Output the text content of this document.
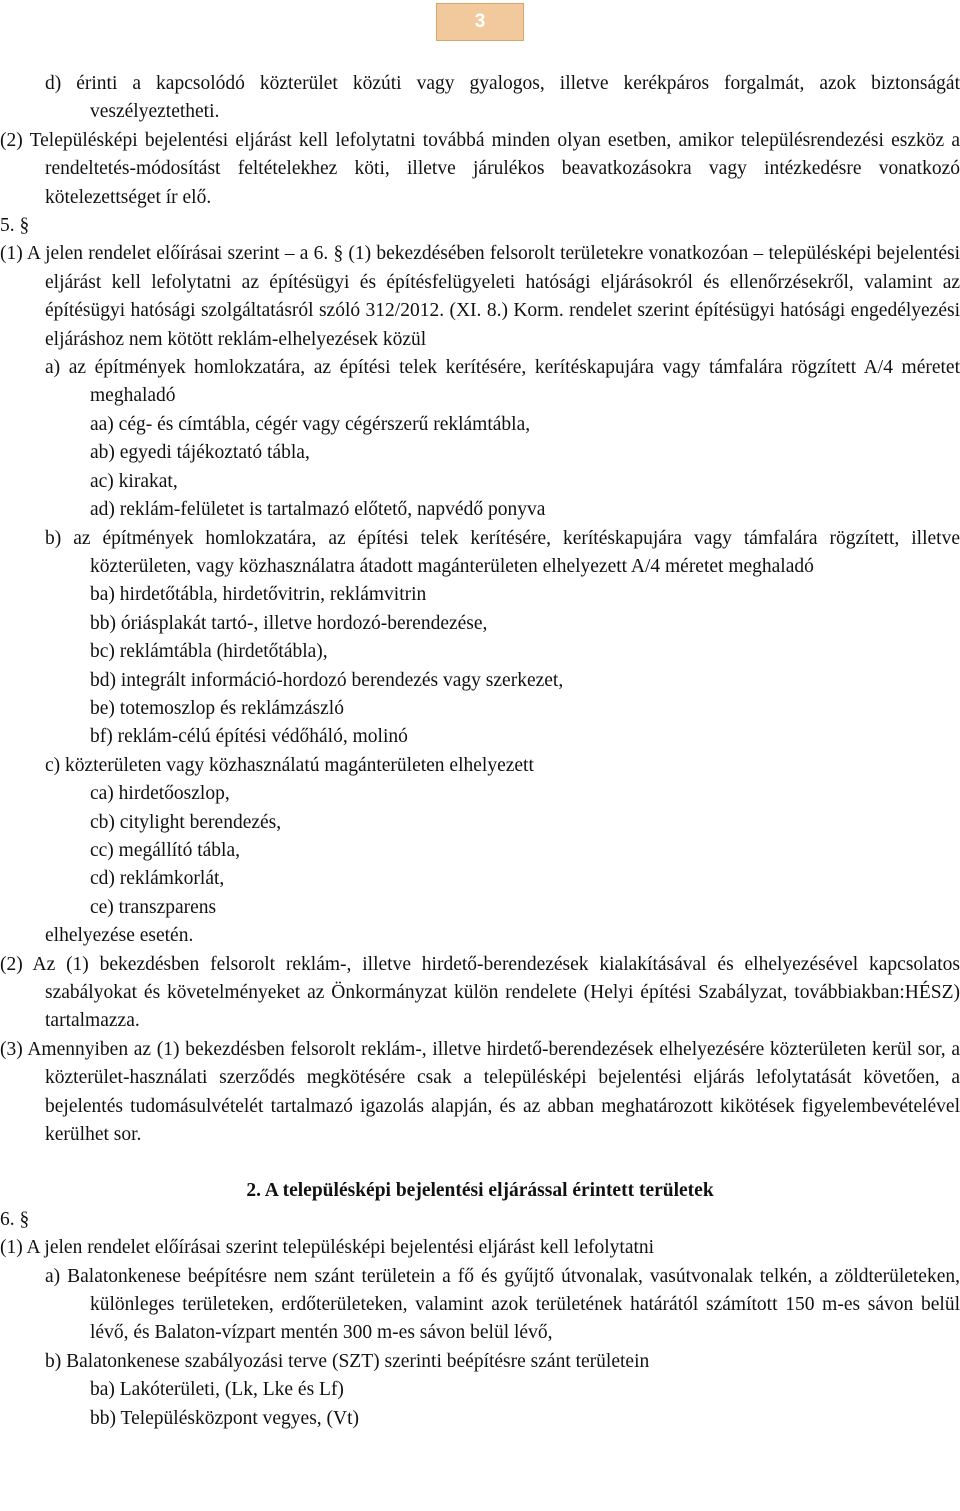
3

d) érinti a kapcsolódó közterület közúti vagy gyalogos, illetve kerékpáros forgalmát, azok biztonságát veszélyeztetheti.

(2) Településképi bejelentési eljárást kell lefolytatni továbbá minden olyan esetben, amikor településrendezési eszköz a rendeltetés-módosítást feltételekhez köti, illetve járulékos beavatkozásokra vagy intézkedésre vonatkozó kötelezettséget ír elő.

5. §

(1) A jelen rendelet előírásai szerint – a 6. § (1) bekezdésében felsorolt területekre vonatkozóan – településképi bejelentési eljárást kell lefolytatni az építésügyi és építésfelügyeleti hatósági eljárásokról és ellenőrzésekről, valamint az építésügyi hatósági szolgáltatásról szóló 312/2012. (XI. 8.) Korm. rendelet szerint építésügyi hatósági engedélyezési eljáráshoz nem kötött reklám-elhelyezések közül

a) az építmények homlokzatára, az építési telek kerítésére, kerítéskapujára vagy támfalára rögzített A/4 méretet meghaladó

aa) cég- és címtábla, cégér vagy cégérszerű reklámtábla,

ab) egyedi tájékoztató tábla,

ac) kirakat,

ad) reklám-felületet is tartalmazó előtető, napvédő ponyva

b) az építmények homlokzatára, az építési telek kerítésére, kerítéskapujára vagy támfalára rögzített, illetve közterületen, vagy közhasználatra átadott magánterületen elhelyezett A/4 méretet meghaladó

ba) hirdetőtábla, hirdetővitrin, reklámvitrin

bb) óriásplakát tartó-, illetve hordozó-berendezése,

bc) reklámtábla (hirdetőtábla),

bd) integrált információ-hordozó berendezés vagy szerkezet,

be) totemoszlop és reklámzászló

bf) reklám-célú építési védőháló, molinó

c) közterületen vagy közhasználatú magánterületen elhelyezett

ca) hirdetőoszlop,

cb) citylight berendezés,

cc) megállító tábla,

cd) reklámkorlát,

ce) transzparens

elhelyezése esetén.

(2) Az (1) bekezdésben felsorolt reklám-, illetve hirdető-berendezések kialakításával és elhelyezésével kapcsolatos szabályokat és követelményeket az Önkormányzat külön rendelete (Helyi építési Szabályzat, továbbiakban:HÉSZ) tartalmazza.

(3) Amennyiben az (1) bekezdésben felsorolt reklám-, illetve hirdető-berendezések elhelyezésére közterületen kerül sor, a közterület-használati szerződés megkötésére csak a településképi bejelentési eljárás lefolytatását követően, a bejelentés tudomásulvételét tartalmazó igazolás alapján, és az abban meghatározott kikötések figyelembevételével kerülhet sor.

2. A településképi bejelentési eljárással érintett területek

6. §

(1) A jelen rendelet előírásai szerint településképi bejelentési eljárást kell lefolytatni

a) Balatonkenese beépítésre nem szánt területein a fő és gyűjtő útvonalak, vasútvonalak telkén, a zöldterületeken, különleges területeken, erdőterületeken, valamint azok területének határától számított 150 m-es sávon belül lévő, és Balaton-vízpart mentén 300 m-es sávon belül lévő,

b) Balatonkenese szabályozási terve (SZT) szerinti beépítésre szánt területein

ba) Lakóterületi, (Lk, Lke és Lf)

bb) Településközpont vegyes, (Vt)
